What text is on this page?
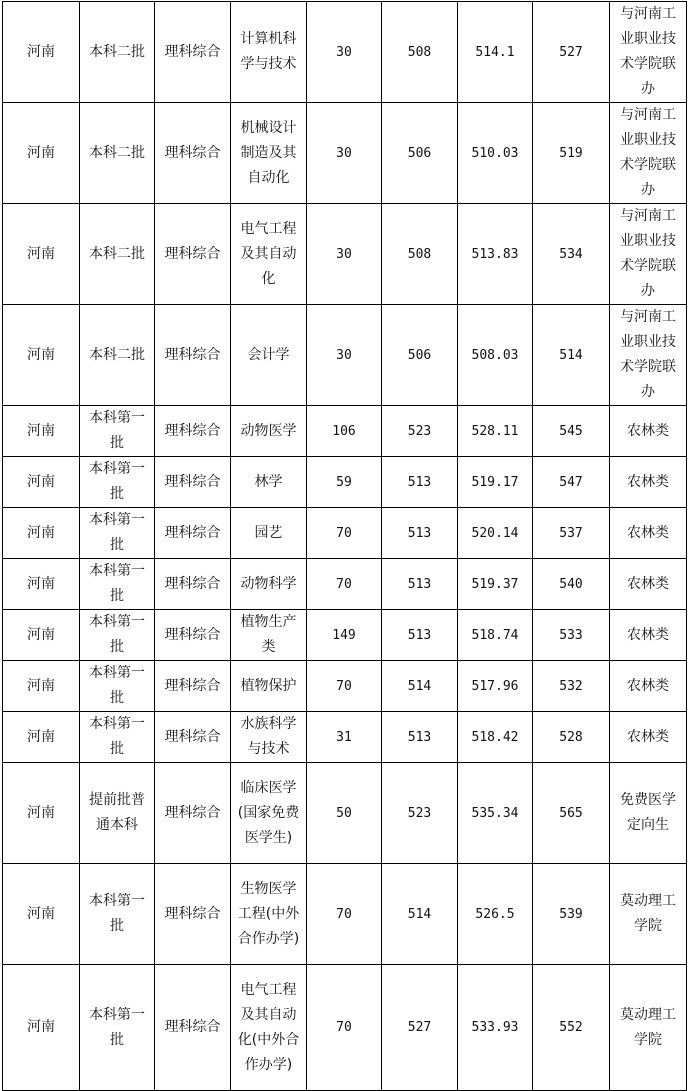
河南	本科二批	理科综合	计算机科学与技术	30	508	514.1	527	与河南工业职业技术学院联办
河南	本科二批	理科综合	机械设计制造及其自动化	30	506	510.03	519	与河南工业职业技术学院联办
河南	本科二批	理科综合	电气工程及其自动化	30	508	513.83	534	与河南工业职业技术学院联办
河南	本科二批	理科综合	会计学	30	506	508.03	514	与河南工业职业技术学院联办
河南	本科第一批	理科综合	动物医学	106	523	528.11	545	农林类
河南	本科第一批	理科综合	林学	59	513	519.17	547	农林类
河南	本科第一批	理科综合	园艺	70	513	520.14	537	农林类
河南	本科第一批	理科综合	动物科学	70	513	519.37	540	农林类
河南	本科第一批	理科综合	植物生产类	149	513	518.74	533	农林类
河南	本科第一批	理科综合	植物保护	70	514	517.96	532	农林类
河南	本科第一批	理科综合	水族科学与技术	31	513	518.42	528	农林类
河南	提前批普通本科	理科综合	临床医学(国家免费医学生)	50	523	535.34	565	免费医学定向生
河南	本科第一批	理科综合	生物医学工程(中外合作办学)	70	514	526.5	539	莫动理工学院
河南	本科第一批	理科综合	电气工程及其自动化(中外合作办学)	70	527	533.93	552	莫动理工学院
